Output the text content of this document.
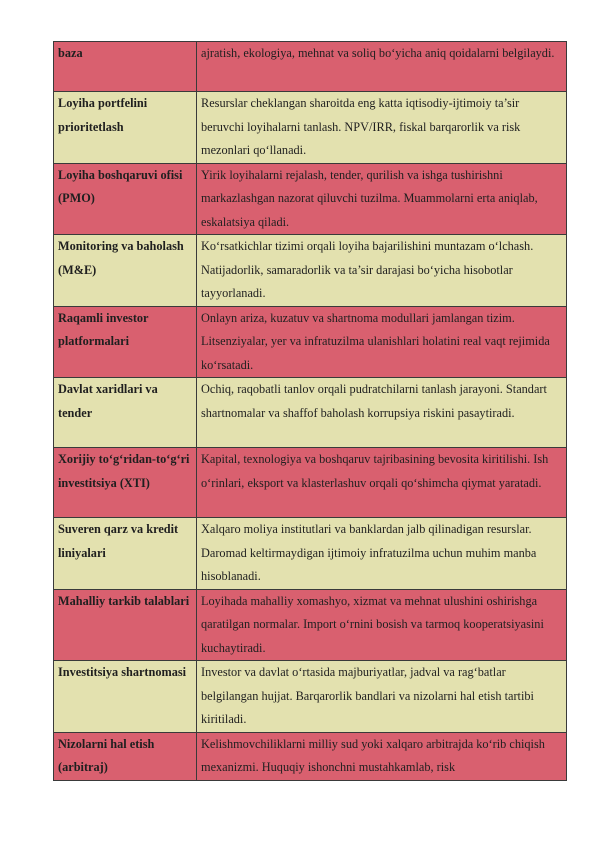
baza	ajratish, ekologiya, mehnat va soliq bo‘yicha aniq qoidalarni belgilaydi.
Loyiha portfelini prioritetlash	Resurslar cheklangan sharoitda eng katta iqtisodiy-ijtimoiy ta’sir beruvchi loyihalarni tanlash. NPV/IRR, fiskal barqarorlik va risk mezonlari qo‘llanadi.
Loyiha boshqaruvi ofisi (PMO)	Yirik loyihalarni rejalash, tender, qurilish va ishga tushirishni markazlashgan nazorat qiluvchi tuzilma. Muammolarni erta aniqlab, eskalatsiya qiladi.
Monitoring va baholash (M&E)	Ko‘rsatkichlar tizimi orqali loyiha bajarilishini muntazam o‘lchash. Natijadorlik, samaradorlik va ta’sir darajasi bo‘yicha hisobotlar tayyorlanadi.
Raqamli investor platformalari	Onlayn ariza, kuzatuv va shartnoma modullari jamlangan tizim. Litsenziyalar, yer va infratuzilma ulanishlari holatini real vaqt rejimida ko‘rsatadi.
Davlat xaridlari va tender	Ochiq, raqobatli tanlov orqali pudratchilarni tanlash jarayoni. Standart shartnomalar va shaffof baholash korrupsiya riskini pasaytiradi.
Xorijiy to‘g‘ridan-to‘g‘ri investitsiya (XTI)	Kapital, texnologiya va boshqaruv tajribasining bevosita kiritilishi. Ish o‘rinlari, eksport va klasterlashuv orqali qo‘shimcha qiymat yaratadi.
Suveren qarz va kredit liniyalari	Xalqaro moliya institutlari va banklardan jalb qilinadigan resurslar. Daromad keltirmaydigan ijtimoiy infratuzilma uchun muhim manba hisoblanadi.
Mahalliy tarkib talablari	Loyihada mahalliy xomashyo, xizmat va mehnat ulushini oshirishga qaratilgan normalar. Import o‘rnini bosish va tarmoq kooperatsiyasini kuchaytiradi.
Investitsiya shartnomasi	Investor va davlat o‘rtasida majburiyatlar, jadval va rag‘batlar belgilangan hujjat. Barqarorlik bandlari va nizolarni hal etish tartibi kiritiladi.
Nizolarni hal etish (arbitraj)	Kelishmovchiliklarni milliy sud yoki xalqaro arbitrajda ko‘rib chiqish mexanizmi. Huquqiy ishonchni mustahkamlab, risk
